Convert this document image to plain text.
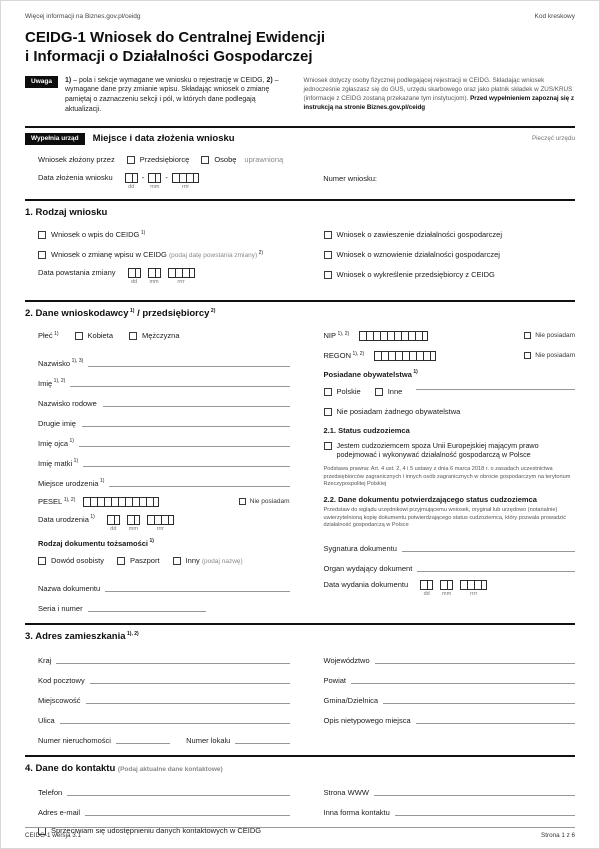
Więcej informacji na Biznes.gov.pl/ceidg	Kod kreskowy
CEIDG-1 Wniosek do Centralnej Ewidencji
i Informacji o Działalności Gospodarczej
Uwaga	1) – pola i sekcje wymagane we wniosku o rejestrację w CEIDG, 2) – wymagane dane przy zmianie wpisu. Składając wniosek o zmianę pamiętaj o zaznaczeniu sekcji i pól, w których dane podlegają aktualizacji.

Wniosek dotyczy osoby fizycznej podlegającej rejestracji w CEIDG. Składając wniosek jednocześnie zgłaszasz się do GUS, urzędu skarbowego oraz jako płatnik składek w ZUS/KRUS (informacje z CEIDG zostaną przekazane tym instytucjom). Przed wypełnieniem zapoznaj się z instrukcją na stronie Biznes.gov.pl/ceidg

Wypełnia urząd	Miejsce i data złożenia wniosku	Pieczęć urzędu
Wniosek złożony przez	Przedsiębiorcę	Osobę uprawnioną
Data złożenia wniosku
dd
-	mm
-	rrrr
Numer wniosku:
1. Rodzaj wniosku
Wniosek o wpis do CEIDG $^{1)}$
Wniosek o zmianę wpisu w CEIDG (podaj datę powstania zmiany) $^{2)}$
Data powstania zmiany
dd mm	rrrr
Wniosek o zawieszenie działalności gospodarczej
Wniosek o wznowienie działalności gospodarczej
Wniosek o wykreślenie przedsiębiorcy z CEIDG
2. Dane wnioskodawcy $^{1)}$ / przedsiębiorcy $^{2)}$
Płeć $^{1)}$	Kobieta	Mężczyzna
Nazwisko $^{1), 3)}$
Imię $^{1), 2)}$
Nazwisko rodowe
Drugie imię
Imię ojca $^{1)}$
Imię matki $^{1)}$
Miejsce urodzenia $^{1)}$
PESEL $^{1), 2)}$	Nie posiadam
Data urodzenia $^{1)}$
dd mm	rrrr
Rodzaj dokumentu tożsamości $^{1)}$
Dowód osobisty	Paszport	Inny (podaj nazwę)
Nazwa dokumentu
Seria i numer
NIP $^{1), 2)}$	Nie posiadam
REGON $^{1), 2)}$	Nie posiadam
Posiadane obywatelstwa $^{1)}$
Polskie	Inne
Nie posiadam żadnego obywatelstwa
2.1. Status cudzoziemca
Jestem cudzoziemcem spoza Unii Europejskiej mającym prawo podejmować i wykonywać działalność gospodarczą w Polsce

Podstawa prawna: Art. 4 ust. 2, 4 i 5 ustawy z dnia 6 marca 2018 r. o zasadach uczestnictwa przedsiębiorców zagranicznych i innych osób zagranicznych w obrocie gospodarczym na terytorium Rzeczypospolitej Polskiej

2.2. Dane dokumentu potwierdzającego status cudzoziemca

Przedstaw do wglądu urzędnikowi przyjmującemu wniosek, oryginał lub urzędowo (notarialnie) uwierzytelnioną kopię dokumentu potwierdzającego status cudzoziemca, który pozwala prowadzić działalność gospodarczą w Polsce

Sygnatura dokumentu
Organ wydający dokument
Data wydania dokumentu
dd mm	rrrr
3. Adres zamieszkania $^{1), 2)}$
Kraj
Kod pocztowy
Miejscowość
Ulica
Numer nieruchomości	Numer lokalu
Województwo
Powiat
Gmina/Dzielnica
Opis nietypowego miejsca
4. Dane do kontaktu (Podaj aktualne dane kontaktowe)
Telefon
Adres e-mail
Sprzeciwiam się udostępnieniu danych kontaktowych w CEIDG
Strona WWW
Inna forma kontaktu
CEIDG-1 wersja 3.1	Strona 1 z 6
